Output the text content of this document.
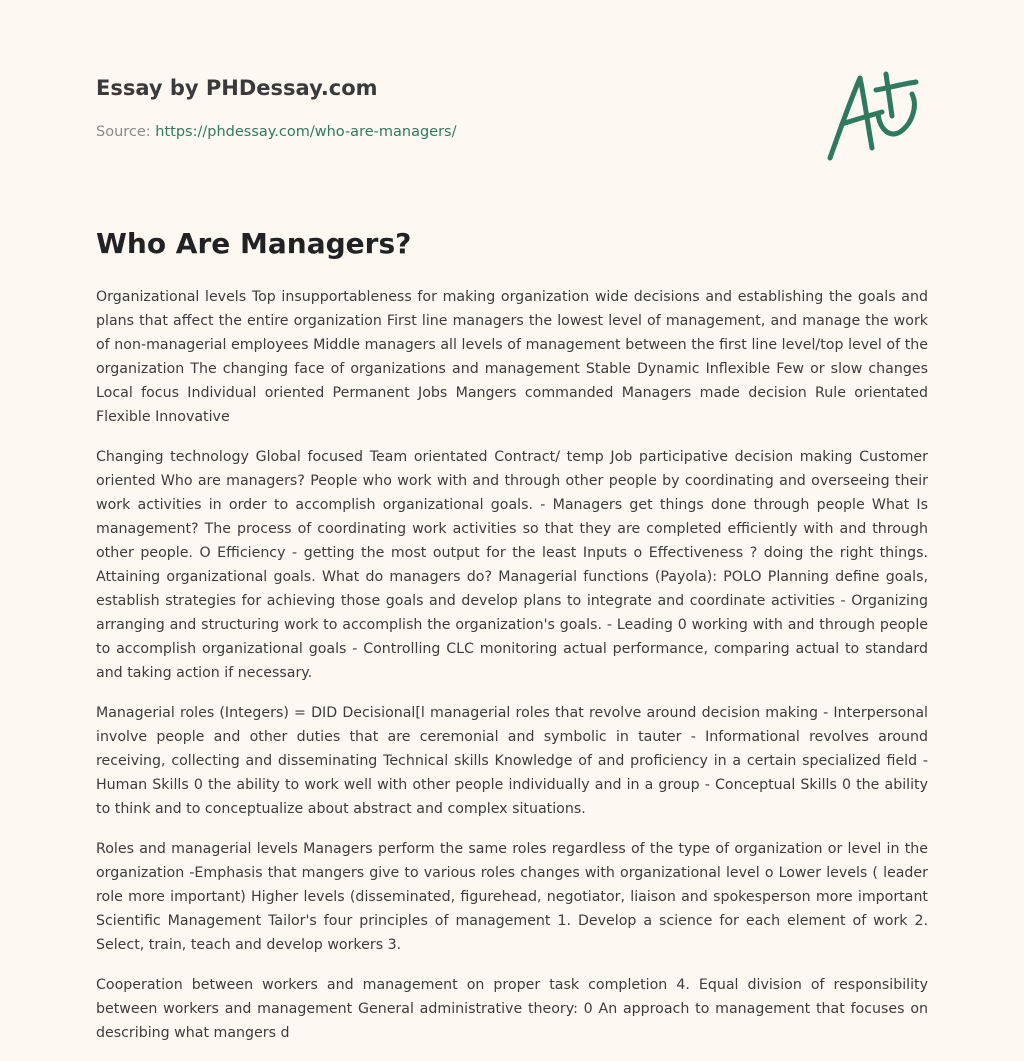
Essay by PHDessay.com
Source: https://phdessay.com/who-are-managers/
Who Are Managers?

Organizational levels Top insupportableness for making organization wide decisions and establishing the goals and plans that affect the entire organization First line managers the lowest level of management, and manage the work of non-managerial employees Middle managers all levels of management between the first line level/top level of the organization The changing face of organizations and management Stable Dynamic Inflexible Few or slow changes Local focus Individual oriented Permanent Jobs Mangers commanded Managers made decision Rule orientated Flexible Innovative

Changing technology Global focused Team orientated Contract/ temp Job participative decision making Customer oriented Who are managers? People who work with and through other people by coordinating and overseeing their work activities in order to accomplish organizational goals. - Managers get things done through people What Is management? The process of coordinating work activities so that they are completed efficiently with and through other people. O Efficiency - getting the most output for the least Inputs o Effectiveness ? doing the right things. Attaining organizational goals. What do managers do? Managerial functions (Payola): POLO Planning define goals, establish strategies for achieving those goals and develop plans to integrate and coordinate activities - Organizing arranging and structuring work to accomplish the organization's goals. - Leading 0 working with and through people to accomplish organizational goals - Controlling CLC monitoring actual performance, comparing actual to standard and taking action if necessary.

Managerial roles (Integers) = DID Decisional[l managerial roles that revolve around decision making - Interpersonal involve people and other duties that are ceremonial and symbolic in tauter - Informational revolves around receiving, collecting and disseminating Technical skills Knowledge of and proficiency in a certain specialized field - Human Skills 0 the ability to work well with other people individually and in a group - Conceptual Skills 0 the ability to think and to conceptualize about abstract and complex situations.

Roles and managerial levels Managers perform the same roles regardless of the type of organization or level in the organization -Emphasis that mangers give to various roles changes with organizational level o Lower levels ( leader role more important) Higher levels (disseminated, figurehead, negotiator, liaison and spokesperson more important Scientific Management Tailor's four principles of management 1. Develop a science for each element of work 2. Select, train, teach and develop workers 3.

Cooperation between workers and management on proper task completion 4. Equal division of responsibility between workers and management General administrative theory: 0 An approach to management that focuses on describing what mangers d
